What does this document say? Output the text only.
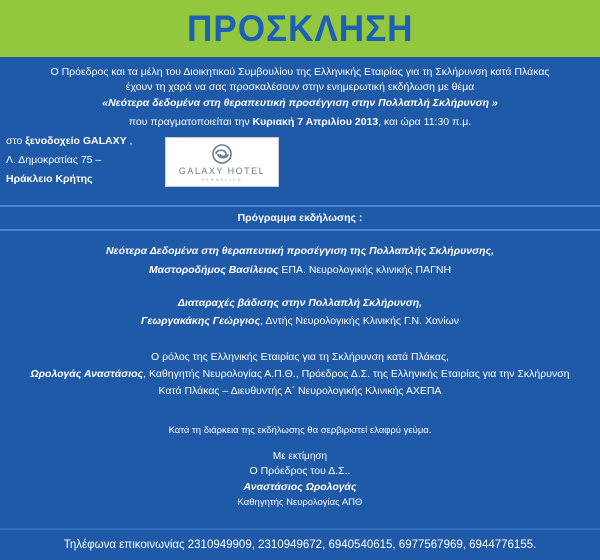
ΠΡΟΣΚΛΗΣΗ
Ο Πρόεδρος και τα μέλη του Διοικητικού Συμβουλίου της Ελληνικής Εταιρίας για τη Σκλήρυνση κατά Πλάκας
έχουν τη χαρά να σας προσκαλέσουν στην ενημερωτική εκδήλωση με θέμα
«Νεότερα δεδομένα στη θεραπευτική προσέγγιση στην Πολλαπλή Σκλήρυνση »
που πραγματοποιείται την Κυριακή 7 Απριλίου 2013, και ώρα 11:30 π.μ.
στο ξενοδοχείο GALAXY ,
Λ. Δημοκρατίας 75 –
Ηράκλειο Κρήτης
GALAXY HOTEL
HERAKLION
Πρόγραμμα εκδήλωσης :
Νεότερα Δεδομένα στη θεραπευτική προσέγγιση της Πολλαπλής Σκλήρυνσης,
Μαστοροδήμος Βασίλειος ΕΠΑ. Νευρολογικής κλινικής ΠΑΓΝΗ
Διαταραχές βάδισης στην Πολλαπλή Σκλήρυνση,
Γεωργακάκης Γεώργιος, Δντής Νευρολογικής Κλινικής Γ.Ν. Χανίων
Ο ρόλος της Ελληνικής Εταιρίας για τη Σκλήρυνση κατά Πλάκας,
Ωρολογάς Αναστάσιος, Καθηγητής Νευρολογίας Α.Π.Θ., Πρόεδρος Δ.Σ. της Ελληνικής Εταιρίας για την Σκλήρυνση
Κατά Πλάκας – Διευθυντής Α΄ Νευρολογικής Κλινικής ΑΧΕΠΑ
Κατά τη διάρκεια της εκδήλωσης θα σερβιριστεί ελαφρύ γεύμα.
Με εκτίμηση
Ο Πρόεδρος του Δ.Σ..
Αναστάσιος Ωρολογάς
Καθηγητής Νευρολογίας ΑΠΘ
Τηλέφωνα επικοινωνίας 2310949909, 2310949672, 6940540615, 6977567969, 6944776155.
